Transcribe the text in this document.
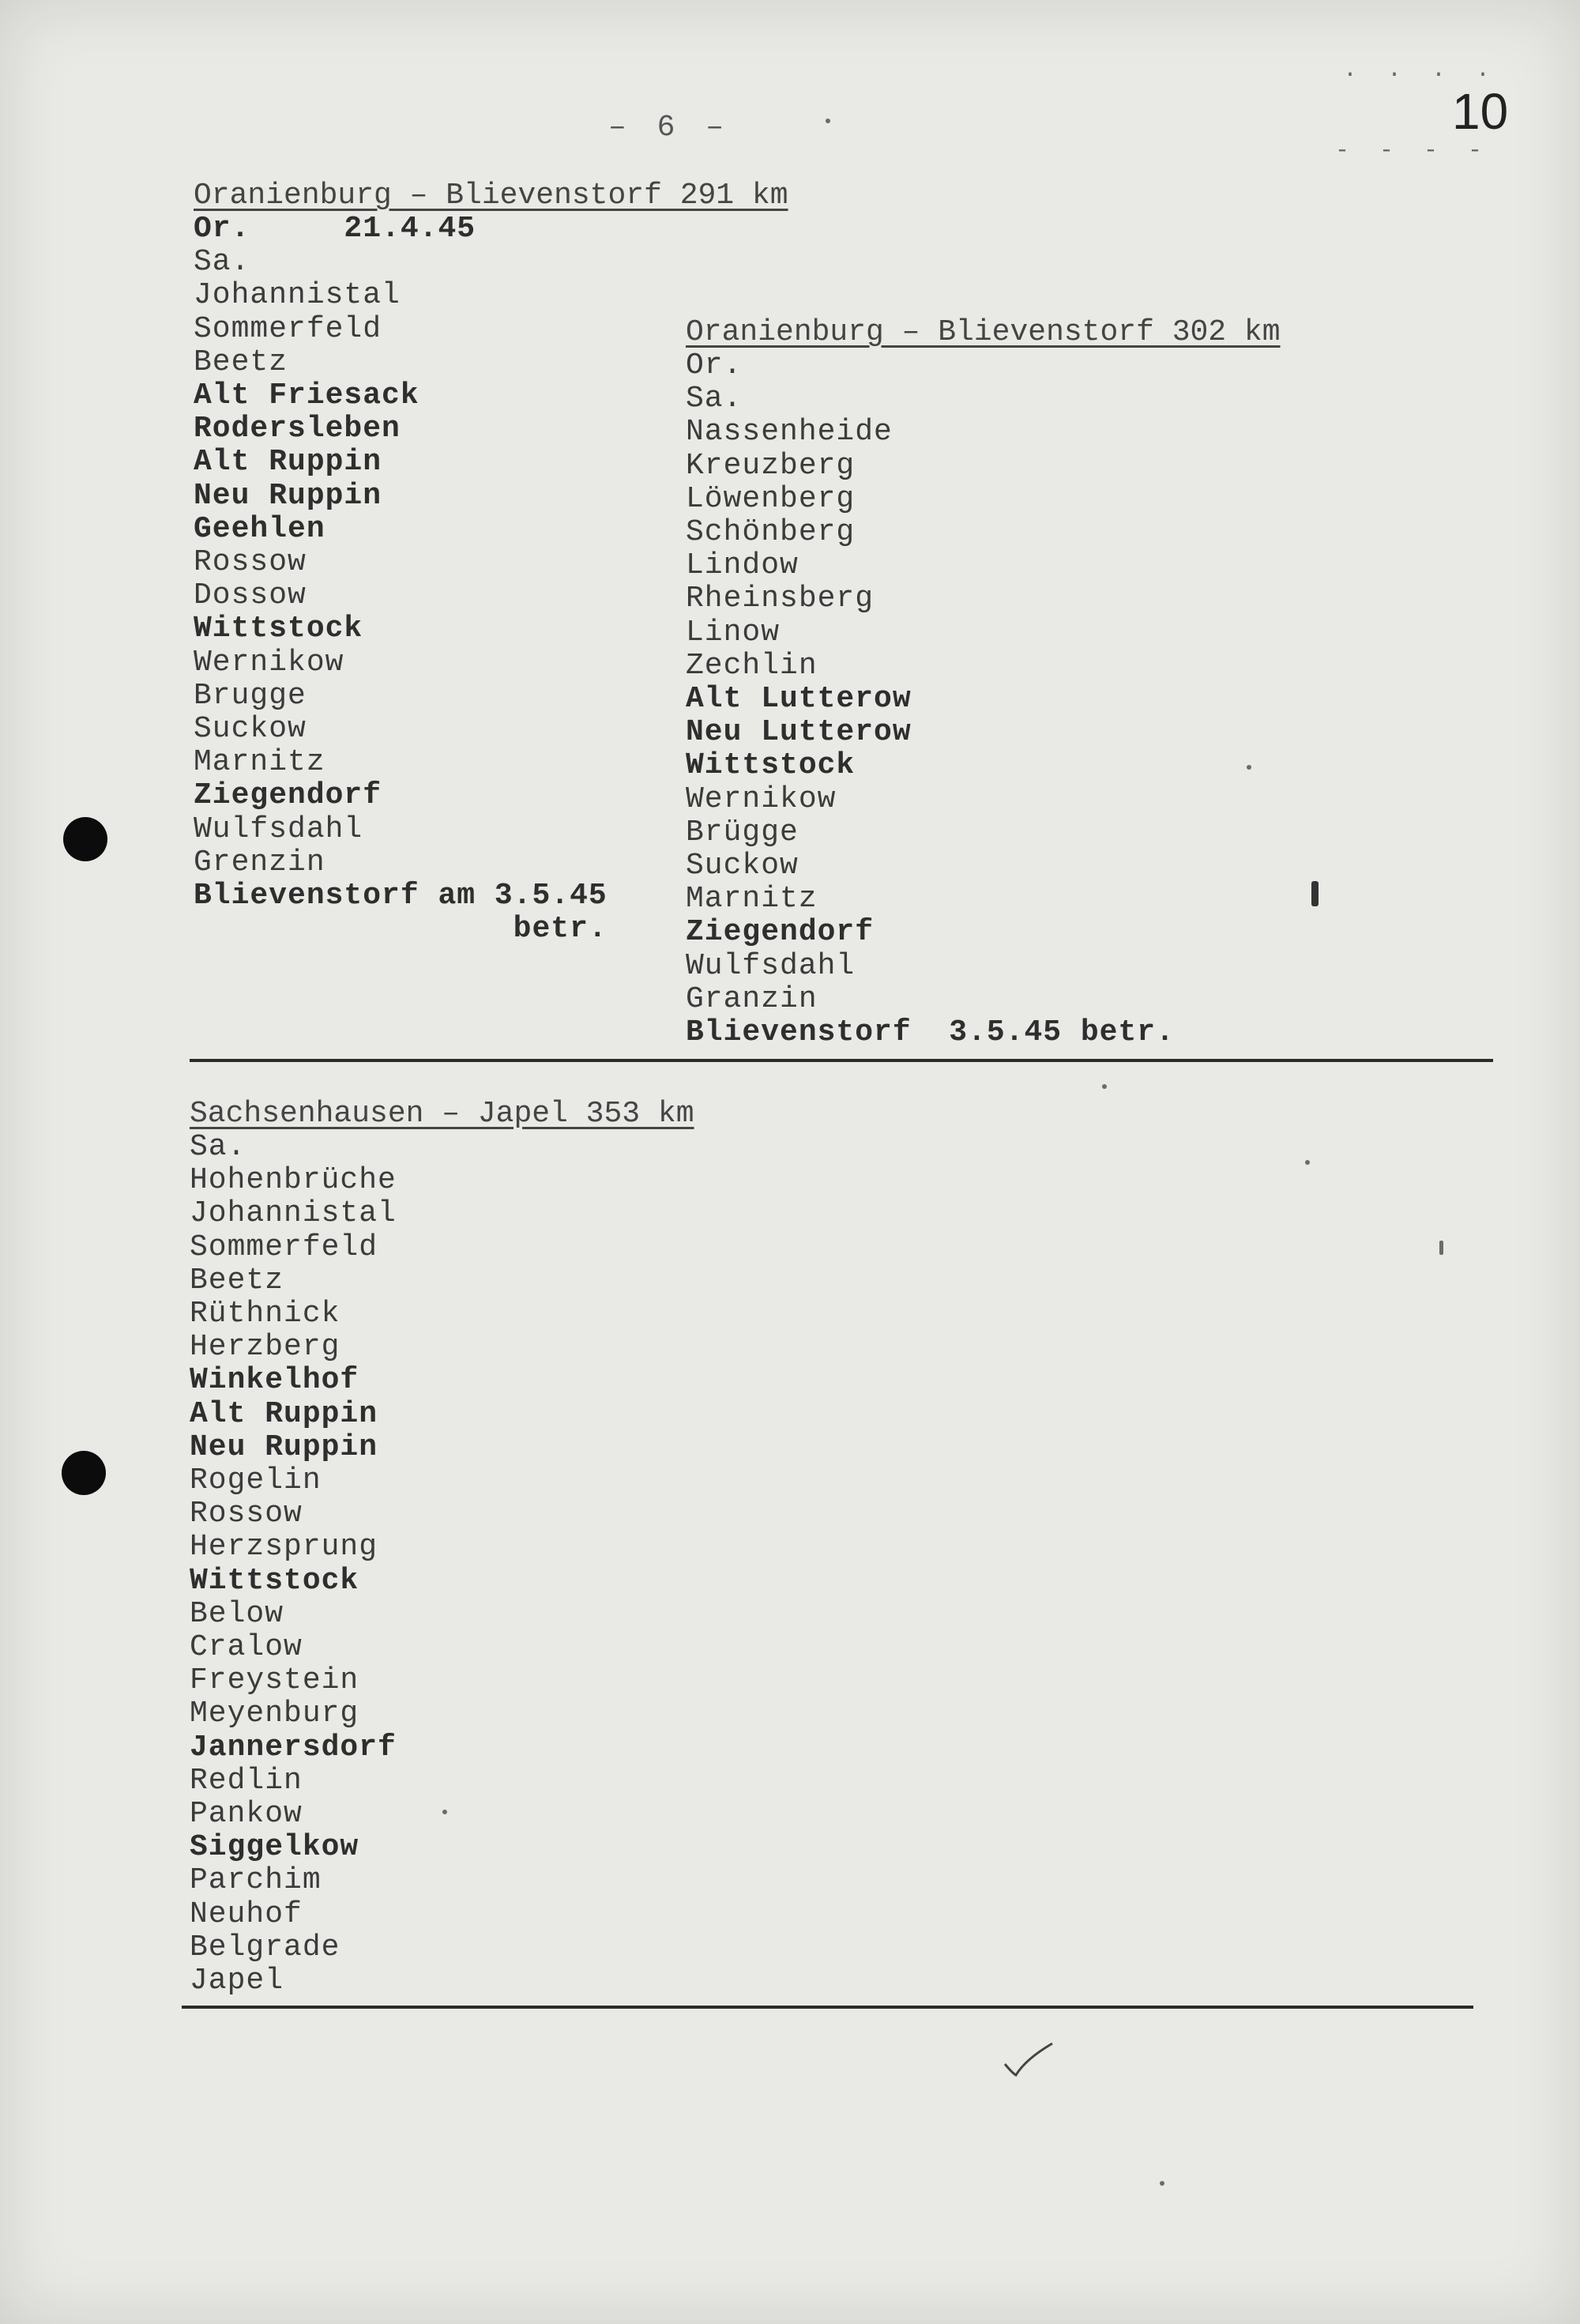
. . . .
- - - -
– 6 –	10
Oranienburg – Blievenstorf 291 km
Or.     21.4.45
Sa.
Johannistal
Sommerfeld
Beetz
Alt Friesack
Rodersleben
Alt Ruppin
Neu Ruppin
Geehlen
Rossow
Dossow
Wittstock
Wernikow
Brugge
Suckow
Marnitz
Ziegendorf
Wulfsdahl
Grenzin
Blievenstorf am 3.5.45
betr.
Oranienburg – Blievenstorf 302 km
Or.
Sa.
Nassenheide
Kreuzberg
Löwenberg
Schönberg
Lindow
Rheinsberg
Linow
Zechlin
Alt Lutterow
Neu Lutterow
Wittstock
Wernikow
Brügge
Suckow
Marnitz
Ziegendorf
Wulfsdahl
Granzin
Blievenstorf  3.5.45 betr.
Sachsenhausen – Japel 353 km
Sa.
Hohenbrüche
Johannistal
Sommerfeld
Beetz
Rüthnick
Herzberg
Winkelhof
Alt Ruppin
Neu Ruppin
Rogelin
Rossow
Herzsprung
Wittstock
Below
Cralow
Freystein
Meyenburg
Jannersdorf
Redlin
Pankow
Siggelkow
Parchim
Neuhof
Belgrade
Japel
